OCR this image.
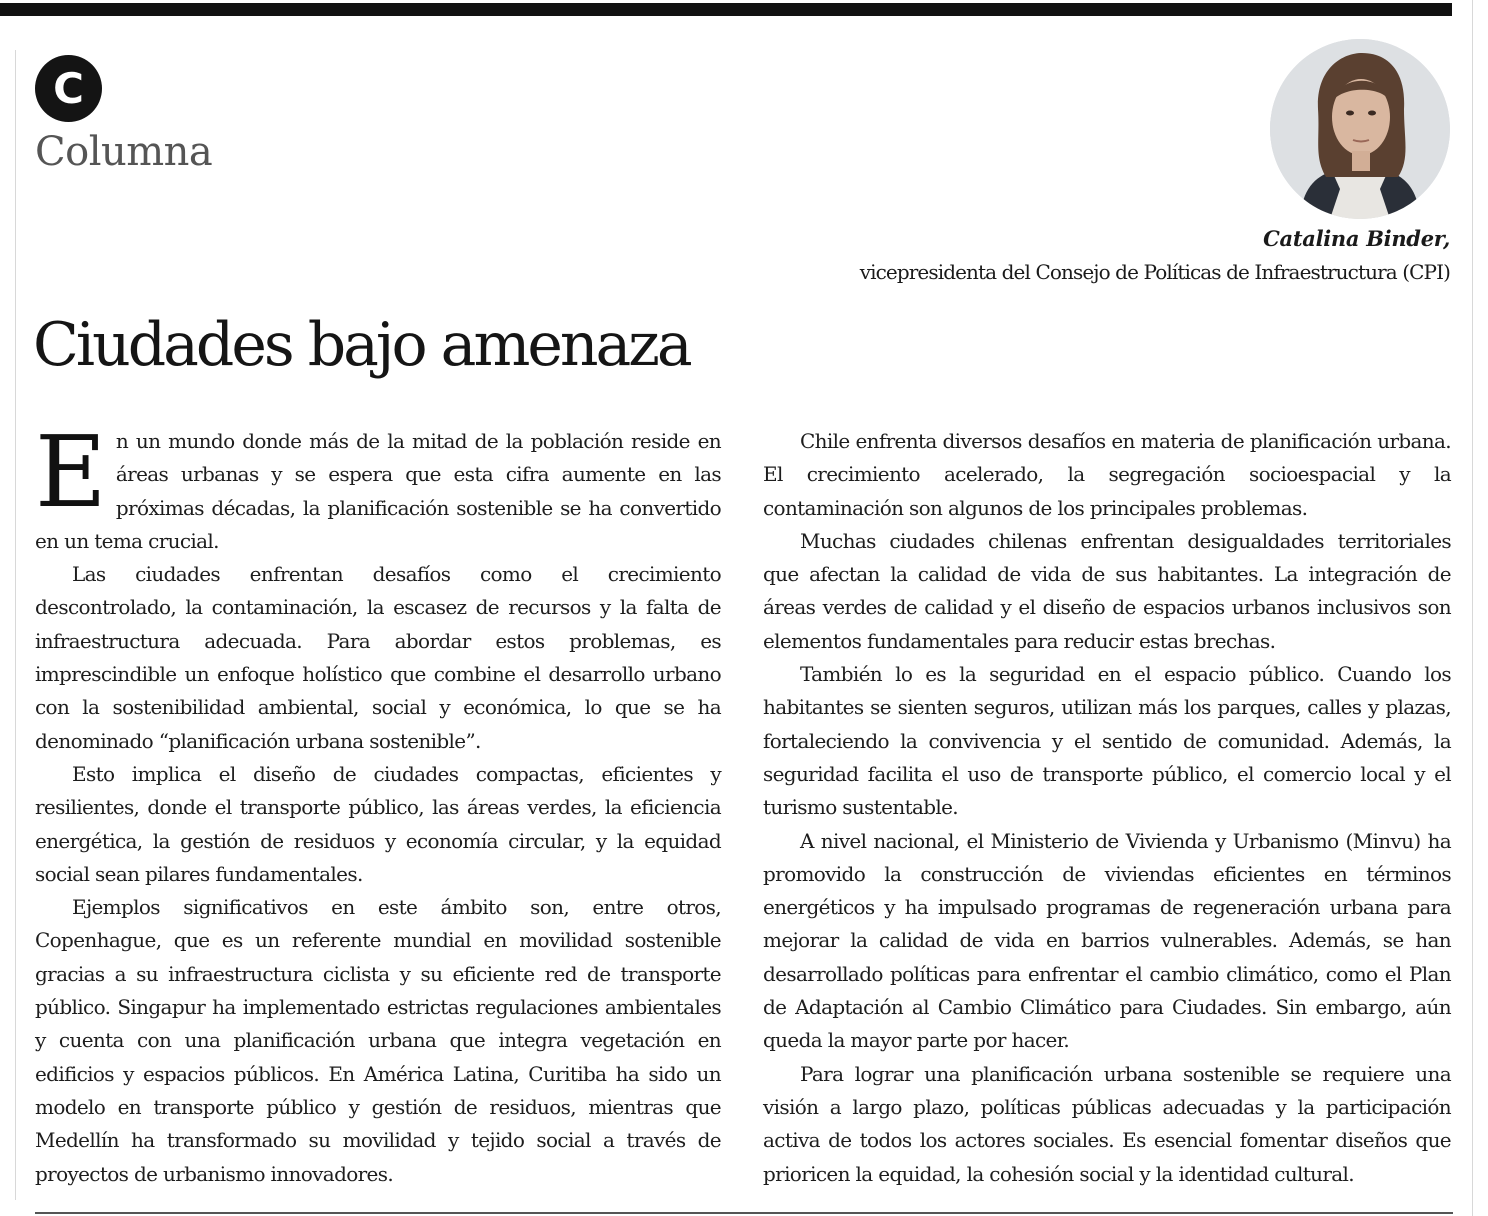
C
Columna
Catalina Binder,
vicepresidenta del Consejo de Políticas de Infraestructura (CPI)
Ciudades bajo amenaza

En un mundo donde más de la mitad de la población reside en áreas urbanas y se espera que esta cifra aumente en las próximas décadas, la planificación sostenible se ha convertido en un tema crucial.

Las ciudades enfrentan desafíos como el crecimiento descontrolado, la contaminación, la escasez de recursos y la falta de infraestructura adecuada. Para abordar estos problemas, es imprescindible un enfoque holístico que combine el desarrollo urbano con la sostenibilidad ambiental, social y económica, lo que se ha denominado “planificación urbana sostenible”.

Esto implica el diseño de ciudades compactas, eficientes y resilientes, donde el transporte público, las áreas verdes, la eficiencia energética, la gestión de residuos y economía circular, y la equidad social sean pilares fundamentales.

Ejemplos significativos en este ámbito son, entre otros, Copenhague, que es un referente mundial en movilidad sostenible gracias a su infraestructura ciclista y su eficiente red de transporte público. Singapur ha implementado estrictas regulaciones ambientales y cuenta con una planificación urbana que integra vegetación en edificios y espacios públicos. En América Latina, Curitiba ha sido un modelo en transporte público y gestión de residuos, mientras que Medellín ha transformado su movilidad y tejido social a través de proyectos de urbanismo innovadores.

Chile enfrenta diversos desafíos en materia de planificación urbana. El crecimiento acelerado, la segregación socioespacial y la contaminación son algunos de los principales problemas.

Muchas ciudades chilenas enfrentan desigualdades territoriales que afectan la calidad de vida de sus habitantes. La integración de áreas verdes de calidad y el diseño de espacios urbanos inclusivos son elementos fundamentales para reducir estas brechas.

También lo es la seguridad en el espacio público. Cuando los habitantes se sienten seguros, utilizan más los parques, calles y plazas, fortaleciendo la convivencia y el sentido de comunidad. Además, la seguridad facilita el uso de transporte público, el comercio local y el turismo sustentable.

A nivel nacional, el Ministerio de Vivienda y Urbanismo (Minvu) ha promovido la construcción de viviendas eficientes en términos energéticos y ha impulsado programas de regeneración urbana para mejorar la calidad de vida en barrios vulnerables. Además, se han desarrollado políticas para enfrentar el cambio climático, como el Plan de Adaptación al Cambio Climático para Ciudades. Sin embargo, aún queda la mayor parte por hacer.

Para lograr una planificación urbana sostenible se requiere una visión a largo plazo, políticas públicas adecuadas y la participación activa de todos los actores sociales. Es esencial fomentar diseños que prioricen la equidad, la cohesión social y la identidad cultural.
